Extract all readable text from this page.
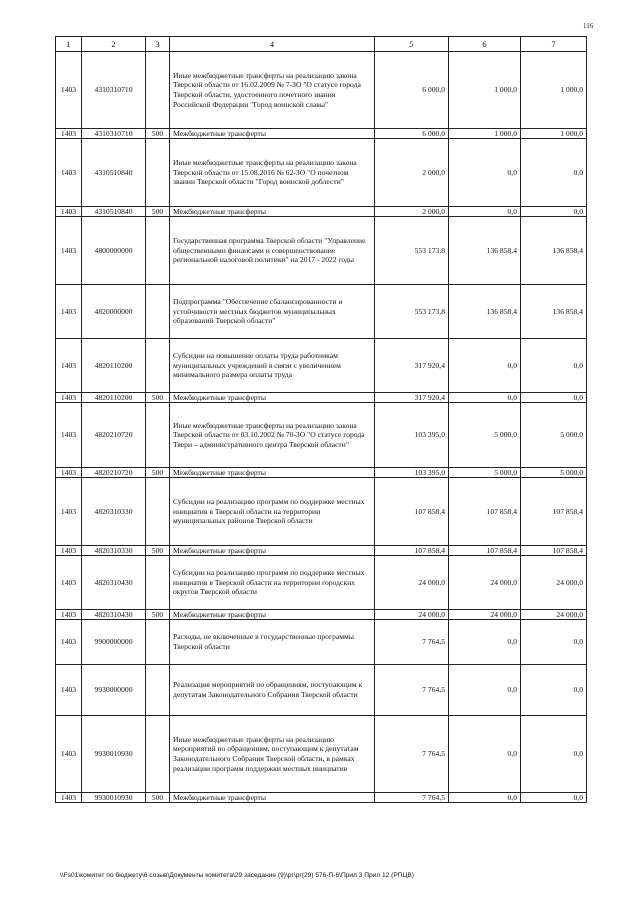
116
1	2	3	4	5	6	7
1403	4310310710		Иные межбюджетные трансферты на реализацию закона Тверской области от 16.02.2009 № 7-ЗО "О статусе города Тверской области, удостоенного почетного звания Российской Федерации "Город воинской славы"	6 000,0	1 000,0	1 000,0
1403	4310310710	500	Межбюджетные трансферты	6 000,0	1 000,0	1 000,0
1403	4310510840		Иные межбюджетные трансферты на реализацию закона Тверской области от 15.08.2016 № 62-ЗО "О почетном звании Тверской области "Город воинской доблести"	2 000,0	0,0	0,0
1403	4310510840	500	Межбюджетные трансферты	2 000,0	0,0	0,0
1403	4800000000		Государственная программа Тверской области "Управление общественными финансами и совершенствование региональной налоговой политики" на 2017 - 2022 годы	553 173,8	136 858,4	136 858,4
1403	4820000000		Подпрограмма "Обеспечение сбалансированности и устойчивости местных бюджетов муниципальных образований Тверской области"	553 173,8	136 858,4	136 858,4
1403	4820110200		Субсидии на повышение оплаты труда работникам муниципальных учреждений в связи с увеличением минимального размера оплаты труда	317 920,4	0,0	0,0
1403	4820110200	500	Межбюджетные трансферты	317 920,4	0,0	0,0
1403	4820210720		Иные межбюджетные трансферты на реализацию закона Тверской области от 03.10.2002 № 70-ЗО "О статусе города Твери – административного центра Тверской области"	103 395,0	5 000,0	5 000,0
1403	4820210720	500	Межбюджетные трансферты	103 395,0	5 000,0	5 000,0
1403	4820310330		Субсидии на реализацию программ по поддержке местных инициатив в Тверской области на территории муниципальных районов Тверской области	107 858,4	107 858,4	107 858,4
1403	4820310330	500	Межбюджетные трансферты	107 858,4	107 858,4	107 858,4
1403	4820310430		Субсидии на реализацию программ по поддержке местных инициатив в Тверской области на территории городских округов Тверской области	24 000,0	24 000,0	24 000,0
1403	4820310430	500	Межбюджетные трансферты	24 000,0	24 000,0	24 000,0
1403	9900000000		Расходы, не включенные в государственные программы Тверской области	7 764,5	0,0	0,0
1403	9930000000		Реализация мероприятий по обращениям, поступающим к депутатам Законодательного Собрания Тверской области	7 764,5	0,0	0,0
1403	9930010930		Иные межбюджетные трансферты на реализацию мероприятий по обращениям, поступающим к депутатам Законодательного Собрания Тверской области, в рамках реализации программ поддержки местных инициатив	7 764,5	0,0	0,0
1403	9930010930	500	Межбюджетные трансферты	7 764,5	0,0	0,0
\\Fs01\комитет по бюджету\6 созыв\Документы комитета\29 заседание (9)\рг\рг(29) 576-П-6\Прил 3 Прил 12 (РПЦВ)
